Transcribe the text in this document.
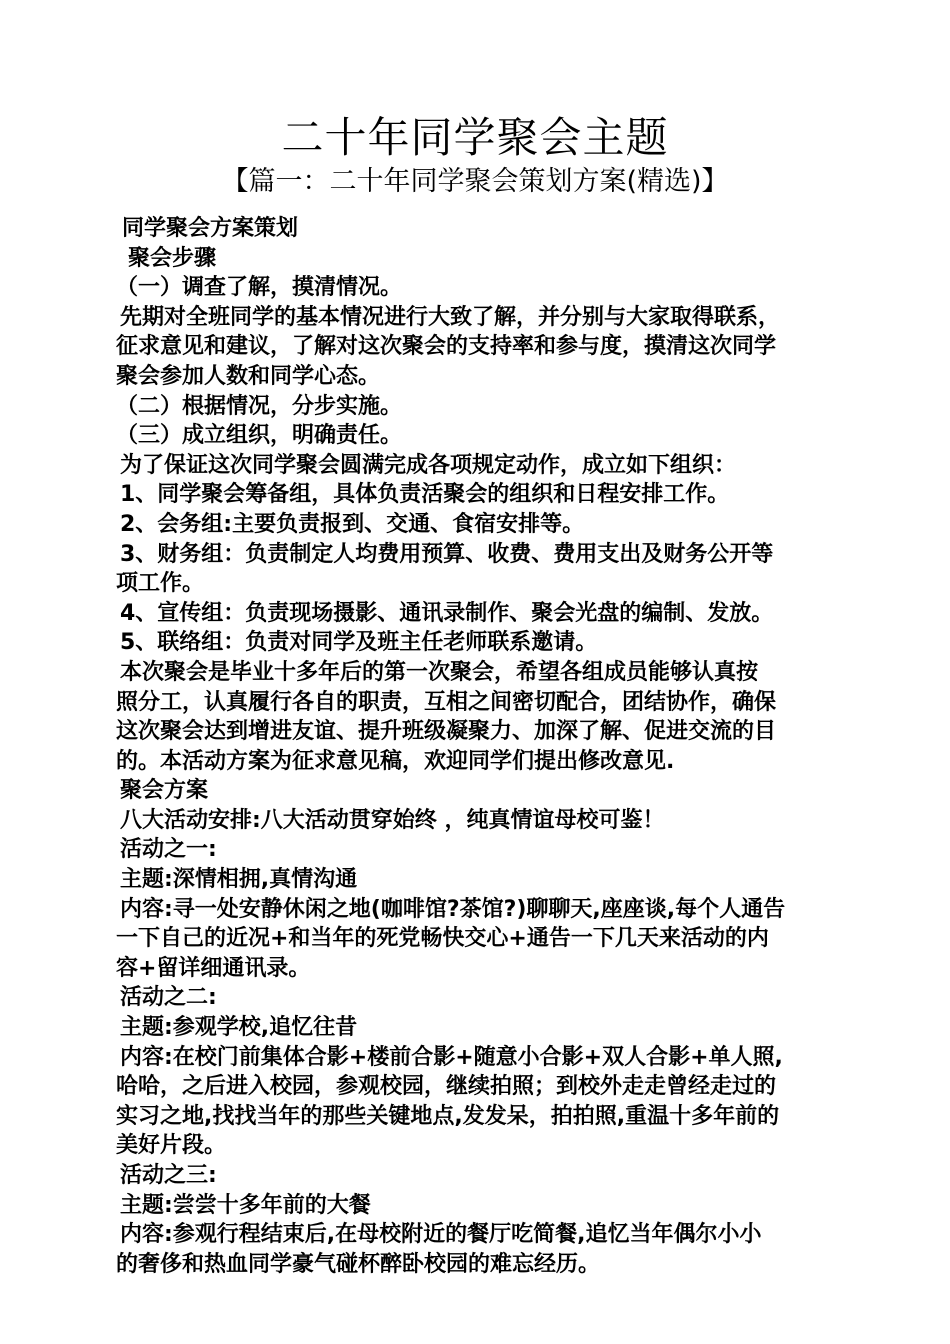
二十年同学聚会主题
【篇一：二十年同学聚会策划方案(精选)】
同学聚会方案策划
聚会步骤
（一）调查了解，摸清情况。
先期对全班同学的基本情况进行大致了解，并分别与大家取得联系，
征求意见和建议，了解对这次聚会的支持率和参与度，摸清这次同学
聚会参加人数和同学心态。
（二）根据情况，分步实施。
（三）成立组织，明确责任。
为了保证这次同学聚会圆满完成各项规定动作，成立如下组织：
1、同学聚会筹备组，具体负责活聚会的组织和日程安排工作。
2、会务组:主要负责报到、交通、食宿安排等。
3、财务组：负责制定人均费用预算、收费、费用支出及财务公开等
项工作。
4、宣传组：负责现场摄影、通讯录制作、聚会光盘的编制、发放。
5、联络组：负责对同学及班主任老师联系邀请。
本次聚会是毕业十多年后的第一次聚会，希望各组成员能够认真按
照分工，认真履行各自的职责，互相之间密切配合，团结协作，确保
这次聚会达到增进友谊、提升班级凝聚力、加深了解、促进交流的目
的。本活动方案为征求意见稿，欢迎同学们提出修改意见.
聚会方案
八大活动安排:八大活动贯穿始终 ，纯真情谊母校可鉴！
活动之一:
主题:深情相拥,真情沟通
内容:寻一处安静休闲之地(咖啡馆?茶馆?)聊聊天,座座谈,每个人通告
一下自己的近况+和当年的死党畅快交心+通告一下几天来活动的内
容+留详细通讯录。
活动之二:
主题:参观学校,追忆往昔
内容:在校门前集体合影+楼前合影+随意小合影+双人合影+单人照,
哈哈，之后进入校园，参观校园，继续拍照；到校外走走曾经走过的
实习之地,找找当年的那些关键地点,发发呆，拍拍照,重温十多年前的
美好片段。
活动之三:
主题:尝尝十多年前的大餐
内容:参观行程结束后,在母校附近的餐厅吃简餐,追忆当年偶尔小小
的奢侈和热血同学豪气碰杯醉卧校园的难忘经历。
